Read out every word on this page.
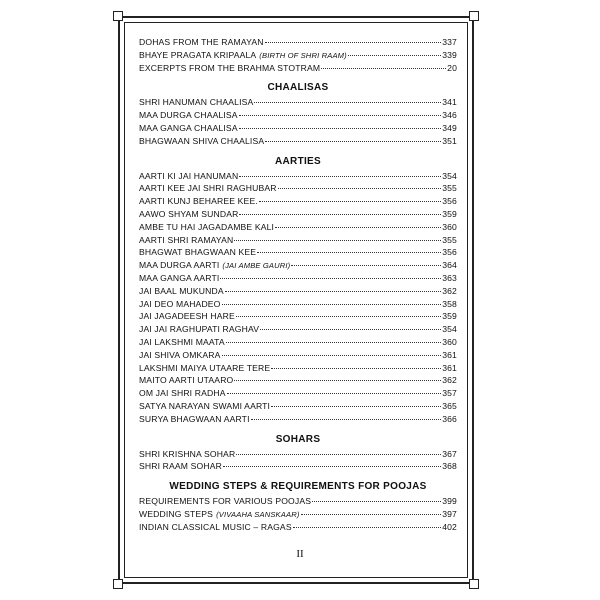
DOHAS FROM THE RAMAYAN	337
BHAYE PRAGATA KRIPAALA (BIRTH OF SHRI RAAM)	339
EXCERPTS FROM THE BRAHMA STOTRAM	20
CHAALISAS
SHRI HANUMAN CHAALISA	341
MAA DURGA CHAALISA	346
MAA GANGA CHAALISA	349
BHAGWAAN SHIVA CHAALISA	351
AARTIES
AARTI KI JAI HANUMAN	354
AARTI KEE JAI SHRI RAGHUBAR	355
AARTI KUNJ BEHAREE KEE.	356
AAWO SHYAM SUNDAR	359
AMBE TU HAI JAGADAMBE KALI	360
AARTI SHRI RAMAYAN	355
BHAGWAT BHAGWAAN KEE	356
MAA DURGA AARTI (JAI AMBE GAURI)	364
MAA GANGA AARTI	363
JAI BAAL MUKUNDA	362
JAI DEO MAHADEO	358
JAI JAGADEESH HARE	359
JAI JAI RAGHUPATI RAGHAV	354
JAI LAKSHMI MAATA	360
JAI SHIVA OMKARA	361
LAKSHMI MAIYA UTAARE TERE	361
MAITO AARTI UTAARO	362
OM JAI SHRI RADHA	357
SATYA NARAYAN SWAMI AARTI	365
SURYA BHAGWAAN AARTI	366
SOHARS
SHRI KRISHNA SOHAR	367
SHRI RAAM SOHAR	368
WEDDING STEPS & REQUIREMENTS FOR POOJAS
REQUIREMENTS FOR VARIOUS POOJAS	399
WEDDING STEPS (VIVAAHA SANSKAAR)	397
INDIAN CLASSICAL MUSIC – RAGAS	402
II
